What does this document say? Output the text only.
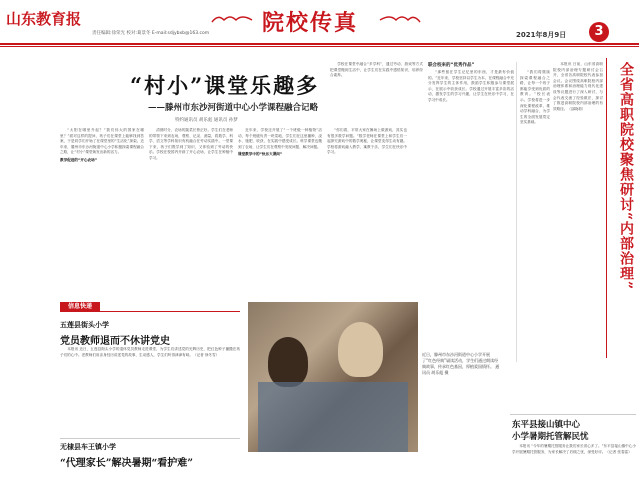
山东教育报	院校传真
责任编辑:徐荣光 校对:葛景冬 E-mail:sdjybxb@163.com	2021年8月9日	3
“村小”课堂乐趣多
——滕州市东沙河街道中心小学课程融合记略
特约通讯员 胡乐彪 通讯员 孙梦

学校在课堂中融合“多学科”，通过劳动、游戏等方式把课堂搬到生活中，让学生们在实践中感悟知识，培养综合素养。

“太阳在哪里升起？”我们伟大的国家在哪里？”面对这样的提问，孩子们在课堂上能够找到答案，于是同学们开始了在课堂里的“生活化”探索。近年来，滕州市东沙河街道中心小学积极探索课程融合之路，让“村小”课堂焕发出新的活力。

教学促进的“开心农场”

清晨时分，农场的蔬菜长势正好。学生们在老师的带领下来到农场，观察、记录、测量，将数学、科学、语文等学科知识有机融合在劳动实践中。一堂课下来，孩子们既学到了知识，又体验到了劳动的快乐。学校在校园内开辟了开心农场，让学生在种植中学习。

近年来，学校还开展了“一个班级一种植物”活动，每个班级负责一块菜地，学生们在这里播种、浇水、施肥、收获，在实践中感受成长。科学课堂也搬到了农场，让学生们在观察中发现问题、解决问题。

课堂教学中的“快乐大课间”

“你们看，平常大家在操场上做游戏，其实也有很多数学问题。”数学老师在课堂上和学生们一起探究游戏中的数学奥秘，让课堂变得生动有趣。学校将游戏融入教学，寓教于乐，学生们在快乐中学习。

联合校来的“优秀作品”

“那些留在学生记忆里的东西，才是最有价值的。”近年来，学校坚持以学生为本，在课程融合中充分发挥学生的主体作用，鼓励学生积极参与课堂展示，在展示中收获成长。学校通过开展丰富多彩的活动，激发学生的学习兴趣，让学生在快乐中学习，在学习中成长。

“我们将继续探索课程融合之路，让每一个孩子都能享受到优质的教育。”校长表示。学校将进一步深化课程改革，推动学科融合，为学生的全面发展奠定坚实基础。	全省高职院校聚焦研讨“内部治理”

本报讯 日前，山东省高职院校内部治理专题研讨会召开，全省各高职院校代表参加会议。会议围绕高职院校内部治理体系和治理能力现代化建设等议题进行了深入研讨，与会代表交流了经验做法，探讨了推进高职院校内部治理的有效路径。（邵晓莉）

近日，滕州市东沙河街道中心小学开展了“红色经典”诵读活动，学生们通过朗读经典故事，传承红色基因，厚植爱国情怀。 通讯员 胡乐彪 摄
信息快递
五莲县街头小学
党员教师退而不休讲党史

本报讯 近日，五莲县街头小学的退休党员教师走进课堂，为学生们讲述党的光辉历史，把红色种子播撒在孩子们的心中。老教师们用亲身经历讲述党的故事，生动感人，学生们听得津津有味。（记者 徐冬雪）

无棣县车王镇小学
“代理家长”解决暑期“看护难”
东平县接山镇中心
小学暑期托管解民忧

本报讯 “今年的暑期托管服务让我们家长省心多了。”东平县接山镇中心小学开展暑期托管服务，为家长解决了后顾之忧，深受好评。（记者 张春雷）
